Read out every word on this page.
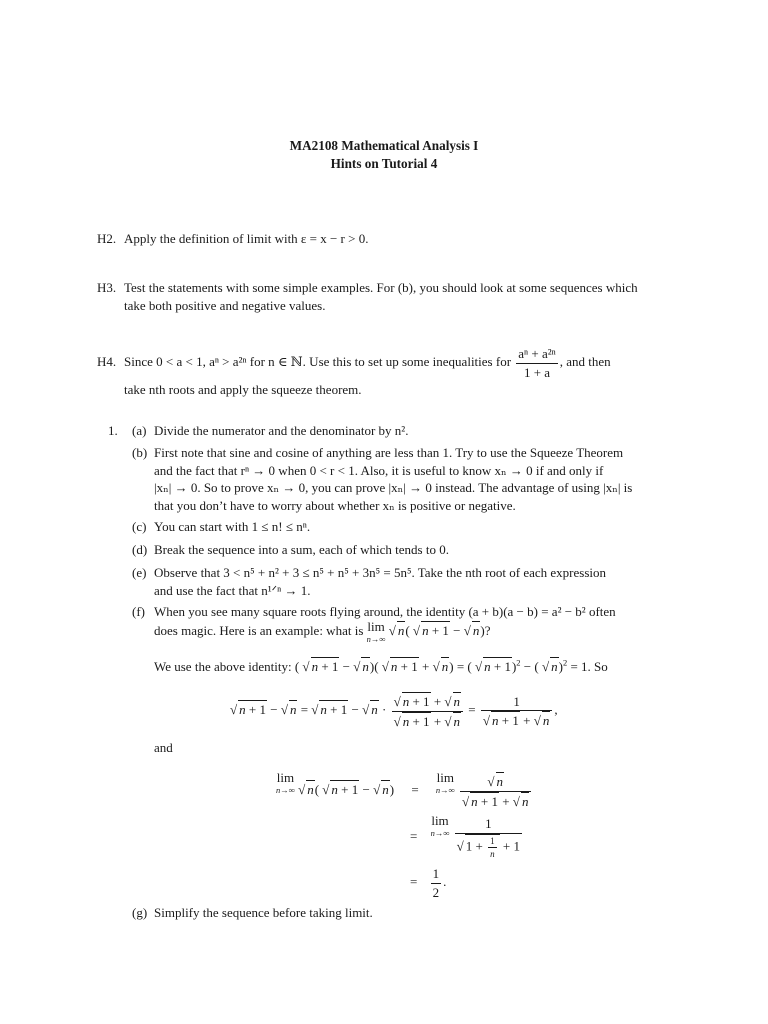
MA2108 Mathematical Analysis I
Hints on Tutorial 4
H2. Apply the definition of limit with ε = x − r > 0.
H3. Test the statements with some simple examples. For (b), you should look at some sequences which
take both positive and negative values.
H4. Since 0 < a < 1, aⁿ > a²ⁿ for n ∈ ℕ. Use this to set up some inequalities for $\frac{\text{aⁿ + a²ⁿ}}{1 + a}$ , and then
take nth roots and apply the squeeze theorem.
1. (a) Divide the numerator and the denominator by n².
(b) First note that sine and cosine of anything are less than 1. Try to use the Squeeze Theorem
and the fact that rⁿ → 0 when 0 < r < 1. Also, it is useful to know xₙ → 0 if and only if
|xₙ| → 0. So to prove xₙ → 0, you can prove |xₙ| → 0 instead. The advantage of using |xₙ| is
that you don’t have to worry about whether xₙ is positive or negative.
(c) You can start with 1 ≤ n! ≤ nⁿ.
(d) Break the sequence into a sum, each of which tends to 0.
(e) Observe that 3 < n⁵ + n² + 3 ≤ n⁵ + n⁵ + 3n⁵ = 5n⁵. Take the nth root of each expression
and use the fact that n¹ᐟⁿ → 1.
(f) When you see many square roots flying around, the identity (a + b)(a − b) = a² − b² often
does magic. Here is an example: what is lim
n→∞
√ n( √ n + 1 − √ n)?
We use the above identity: ( √ n + 1 − √ n)( √ n + 1 + √ n) = ( √ n + 1)$^2$ − ( √ n)$^2$ = 1. So
√ n + 1 − √ n = √ n + 1 − √ $n \cdot \frac{√ n + 1 + √ n}{√ n + 1 + √ n} = \frac{1}{√ n + 1 + √ n}$ ,
and
lim
n→∞ √ n( √ n + 1 − √ n) = lim
n→∞
$\frac{√ n}{√ n + 1 + √ n}$
= lim
n→∞
$\frac{1}{√ 1 + \frac{1}{n} + 1}$
= $\frac{1}{2}$ .
(g) Simplify the sequence before taking limit.
